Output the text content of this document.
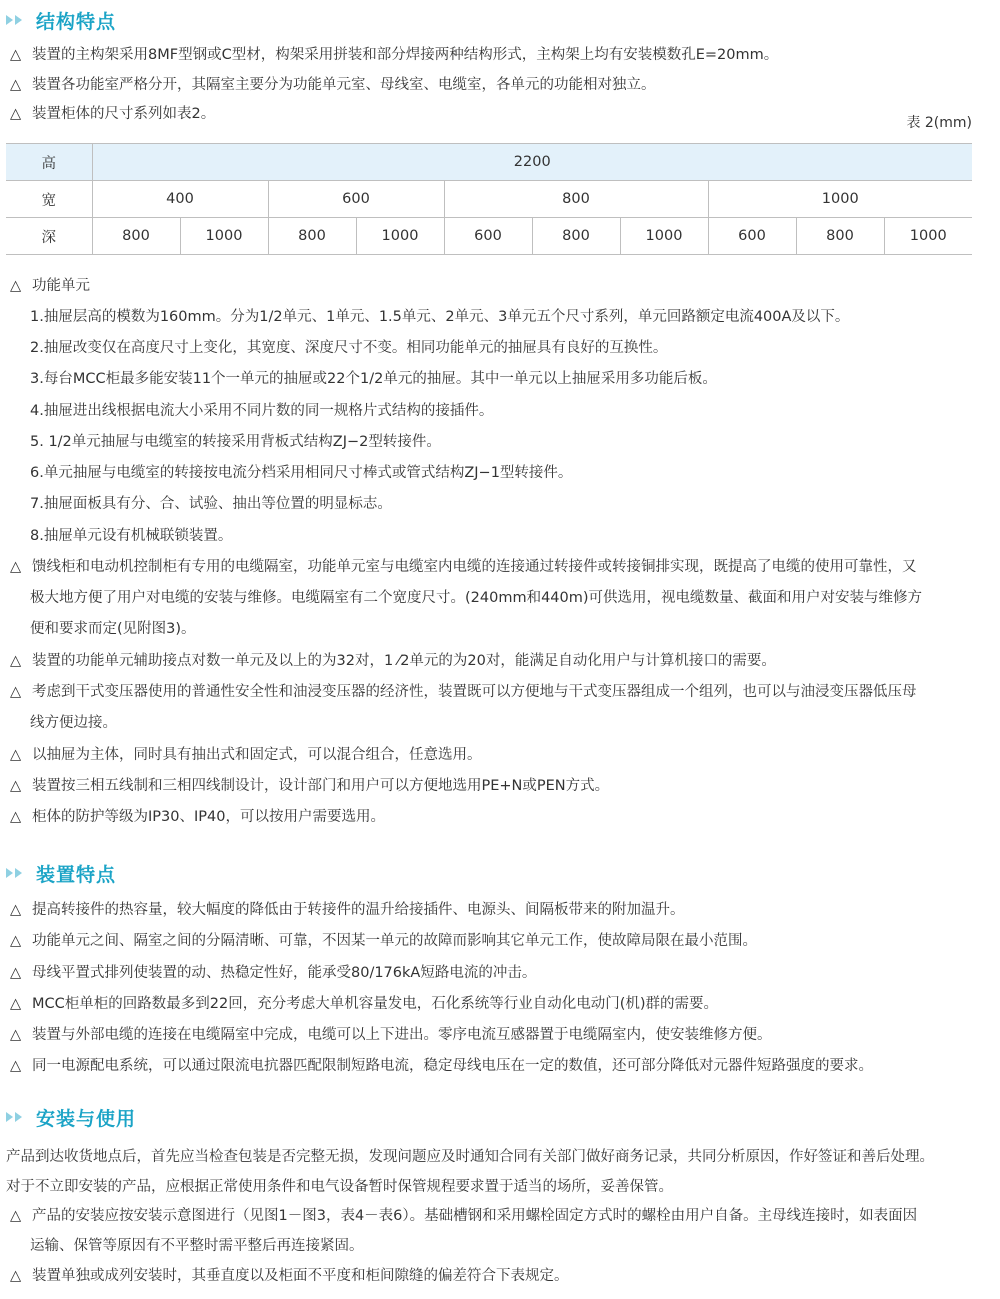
结构特点
△ 装置的主构架采用8MF型钢或C型材，构架采用拼装和部分焊接两种结构形式，主构架上均有安装模数孔E=20mm。
△ 装置各功能室严格分开，其隔室主要分为功能单元室、母线室、电缆室，各单元的功能相对独立。
△ 装置柜体的尺寸系列如表2。
表 2(mm)
高	2200									
宽	400		600		800			1000		
深	800	1000	800	1000	600	800	1000	600	800	1000
△ 功能单元
1.抽屉层高的模数为160mm。分为1/2单元、1单元、1.5单元、2单元、3单元五个尺寸系列，单元回路额定电流400A及以下。
2.抽屉改变仅在高度尺寸上变化，其宽度、深度尺寸不变。相同功能单元的抽屉具有良好的互换性。
3.每台MCC柜最多能安装11个一单元的抽屉或22个1/2单元的抽屉。其中一单元以上抽屉采用多功能后板。
4.抽屉进出线根据电流大小采用不同片数的同一规格片式结构的接插件。
5. 1/2单元抽屉与电缆室的转接采用背板式结构ZJ−2型转接件。
6.单元抽屉与电缆室的转接按电流分档采用相同尺寸棒式或管式结构ZJ−1型转接件。
7.抽屉面板具有分、合、试验、抽出等位置的明显标志。
8.抽屉单元设有机械联锁装置。
△ 馈线柜和电动机控制柜有专用的电缆隔室，功能单元室与电缆室内电缆的连接通过转接件或转接铜排实现，既提高了电缆的使用可靠性，又
极大地方便了用户对电缆的安装与维修。电缆隔室有二个宽度尺寸。(240mm和440m)可供选用，视电缆数量、截面和用户对安装与维修方
便和要求而定(见附图3)。
△ 装置的功能单元辅助接点对数一单元及以上的为32对，1 ⁄2单元的为20对，能满足自动化用户与计算机接口的需要。
△ 考虑到干式变压器使用的普通性安全性和油浸变压器的经济性，装置既可以方便地与干式变压器组成一个组列，也可以与油浸变压器低压母
线方便边接。
△ 以抽屉为主体，同时具有抽出式和固定式，可以混合组合，任意选用。
△ 装置按三相五线制和三相四线制设计，设计部门和用户可以方便地选用PE+N或PEN方式。
△ 柜体的防护等级为IP30、IP40，可以按用户需要选用。
装置特点
△ 提高转接件的热容量，较大幅度的降低由于转接件的温升给接插件、电源头、间隔板带来的附加温升。
△ 功能单元之间、隔室之间的分隔清晰、可靠，不因某一单元的故障而影响其它单元工作，使故障局限在最小范围。
△ 母线平置式排列使装置的动、热稳定性好，能承受80/176kA短路电流的冲击。
△ MCC柜单柜的回路数最多到22回，充分考虑大单机容量发电，石化系统等行业自动化电动门(机)群的需要。
△ 装置与外部电缆的连接在电缆隔室中完成，电缆可以上下进出。零序电流互感器置于电缆隔室内，使安装维修方便。
△ 同一电源配电系统，可以通过限流电抗器匹配限制短路电流，稳定母线电压在一定的数值，还可部分降低对元器件短路强度的要求。
安装与使用
产品到达收货地点后，首先应当检查包装是否完整无损，发现问题应及时通知合同有关部门做好商务记录，共同分析原因，作好签证和善后处理。
对于不立即安装的产品，应根据正常使用条件和电气设备暂时保管规程要求置于适当的场所，妥善保管。
△ 产品的安装应按安装示意图进行（见图1－图3，表4－表6）。基础槽钢和采用螺栓固定方式时的螺栓由用户自备。主母线连接时，如表面因
运输、保管等原因有不平整时需平整后再连接紧固。
△ 装置单独或成列安装时，其垂直度以及柜面不平度和柜间隙缝的偏差符合下表规定。
